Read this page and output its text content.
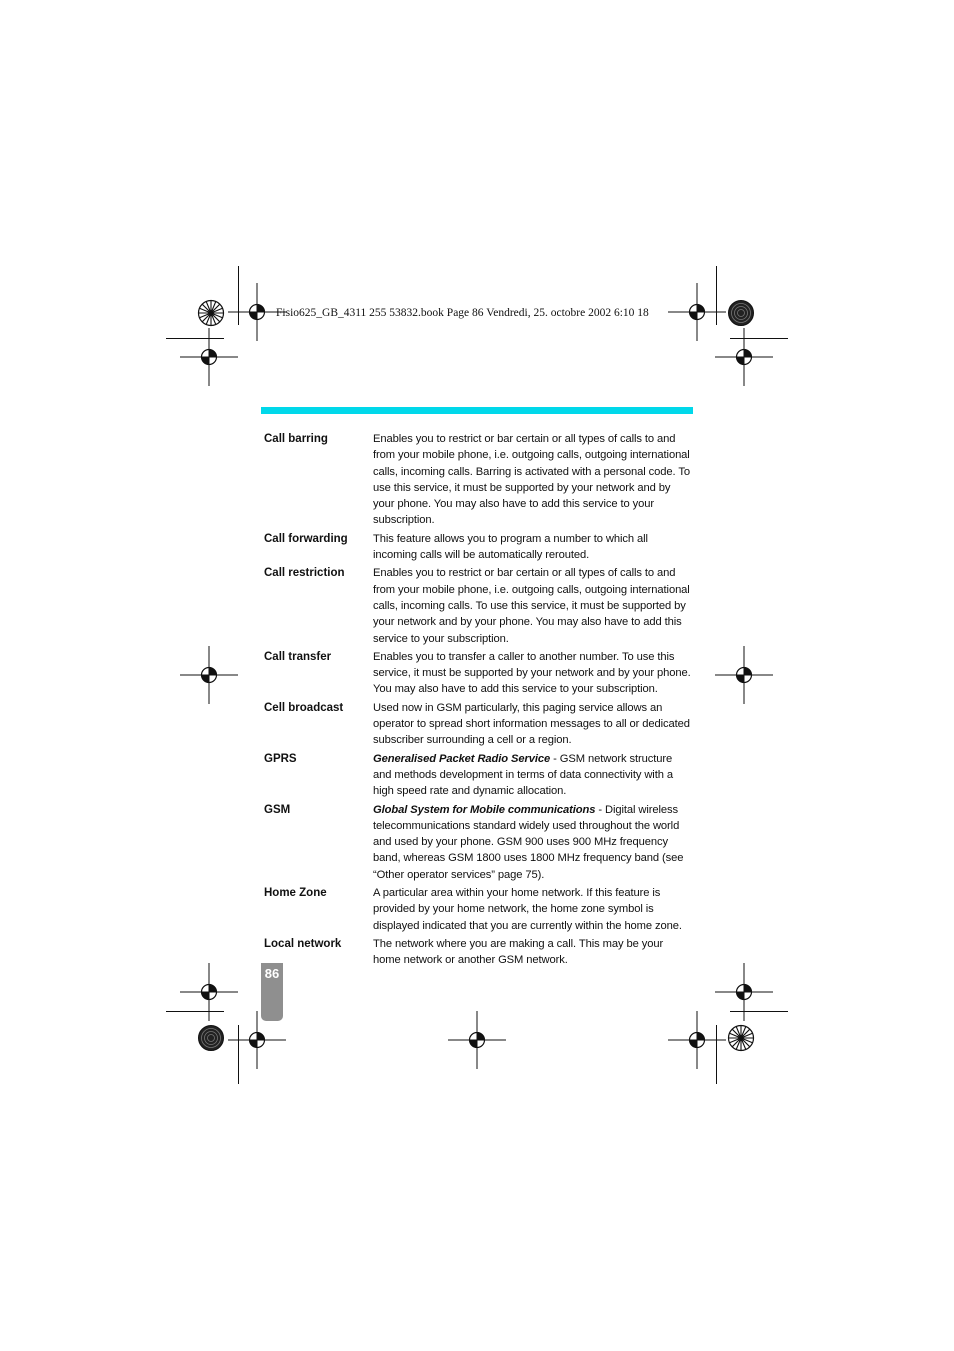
Fisio625_GB_4311 255 53832.book Page 86 Vendredi, 25. octobre 2002 6:10 18
Call barring	Enables you to restrict or bar certain or all types of calls to and from your mobile phone, i.e. outgoing calls, outgoing international calls, incoming calls. Barring is activated with a personal code. To use this service, it must be supported by your network and by your phone. You may also have to add this service to your subscription.
Call forwarding	This feature allows you to program a number to which all incoming calls will be automatically rerouted.
Call restriction	Enables you to restrict or bar certain or all types of calls to and from your mobile phone, i.e. outgoing calls, outgoing international calls, incoming calls. To use this service, it must be supported by your network and by your phone. You may also have to add this service to your subscription.
Call transfer	Enables you to transfer a caller to another number. To use this service, it must be supported by your network and by your phone. You may also have to add this service to your subscription.
Cell broadcast	Used now in GSM particularly, this paging service allows an operator to spread short information messages to all or dedicated subscriber surrounding a cell or a region.
GPRS	Generalised Packet Radio Service - GSM network structure and methods development in terms of data connectivity with a high speed rate and dynamic allocation.
GSM	Global System for Mobile communications - Digital wireless telecommunications standard widely used throughout the world and used by your phone. GSM 900 uses 900 MHz frequency band, whereas GSM 1800 uses 1800 MHz frequency band (see “Other operator services” page 75).
Home Zone	A particular area within your home network. If this feature is provided by your home network, the home zone symbol is displayed indicated that you are currently within the home zone.
Local network	The network where you are making a call. This may be your home network or another GSM network.
86
